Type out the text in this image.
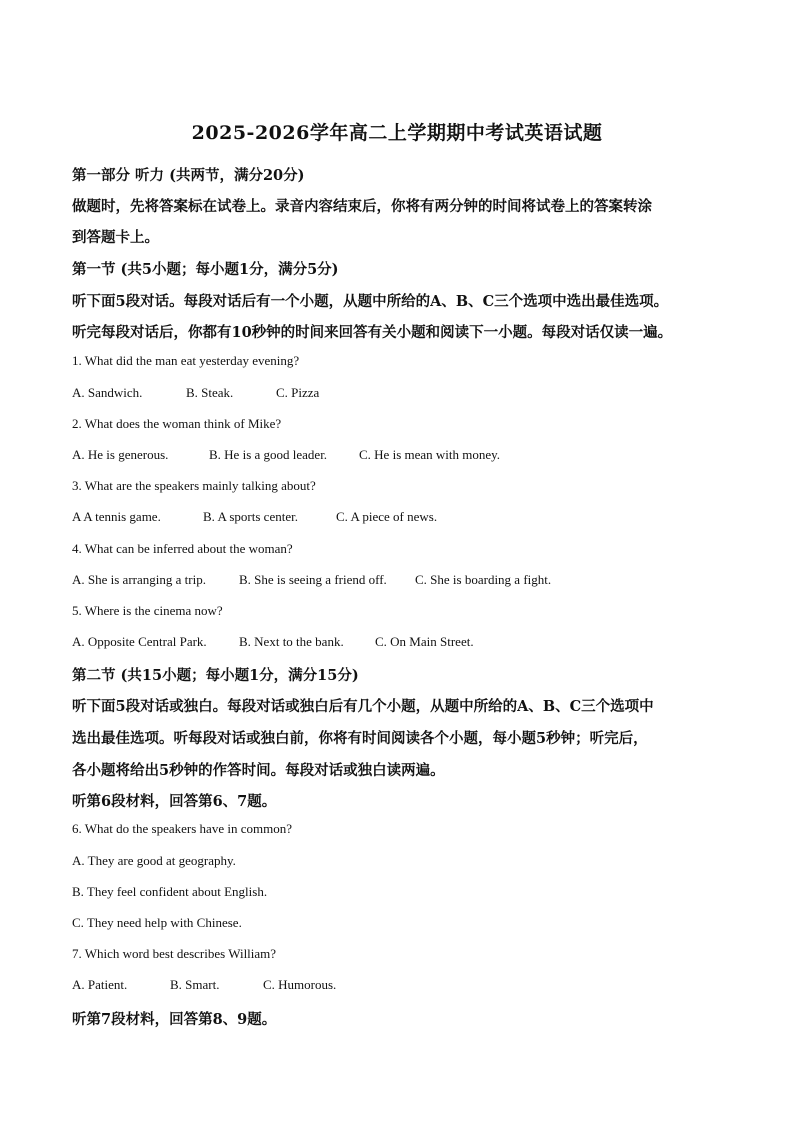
2025-2026学年高二上学期期中考试英语试题
第一部分 听力 (共两节，满分20分)
做题时，先将答案标在试卷上。录音内容结束后，你将有两分钟的时间将试卷上的答案转涂
到答题卡上。
第一节 (共5小题；每小题1分，满分5分)
听下面5段对话。每段对话后有一个小题，从题中所给的A、B、C三个选项中选出最佳选项。
听完每段对话后，你都有10秒钟的时间来回答有关小题和阅读下一小题。每段对话仅读一遍。
1. What did the man eat yesterday evening?
A. Sandwich.	B. Steak.	C. Pizza
2. What does the woman think of Mike?
A. He is generous.	B. He is a good leader. C. He is mean with money.
3. What are the speakers mainly talking about?
A A tennis game.	B. A sports center.	C. A piece of news.
4. What can be inferred about the woman?
A. She is arranging a trip.	B. She is seeing a friend off. C. She is boarding a fight.
5. Where is the cinema now?
A. Opposite Central Park. B. Next to the bank. C. On Main Street.
第二节 (共15小题；每小题1分，满分15分)
听下面5段对话或独白。每段对话或独白后有几个小题，从题中所给的A、B、C三个选项中
选出最佳选项。听每段对话或独白前，你将有时间阅读各个小题，每小题5秒钟；听完后，
各小题将给出5秒钟的作答时间。每段对话或独白读两遍。
听第6段材料，回答第6、7题。
6. What do the speakers have in common?
A. They are good at geography.
B. They feel confident about English.
C. They need help with Chinese.
7. Which word best describes William?
A. Patient.	B. Smart.	C. Humorous.
听第7段材料，回答第8、9题。
